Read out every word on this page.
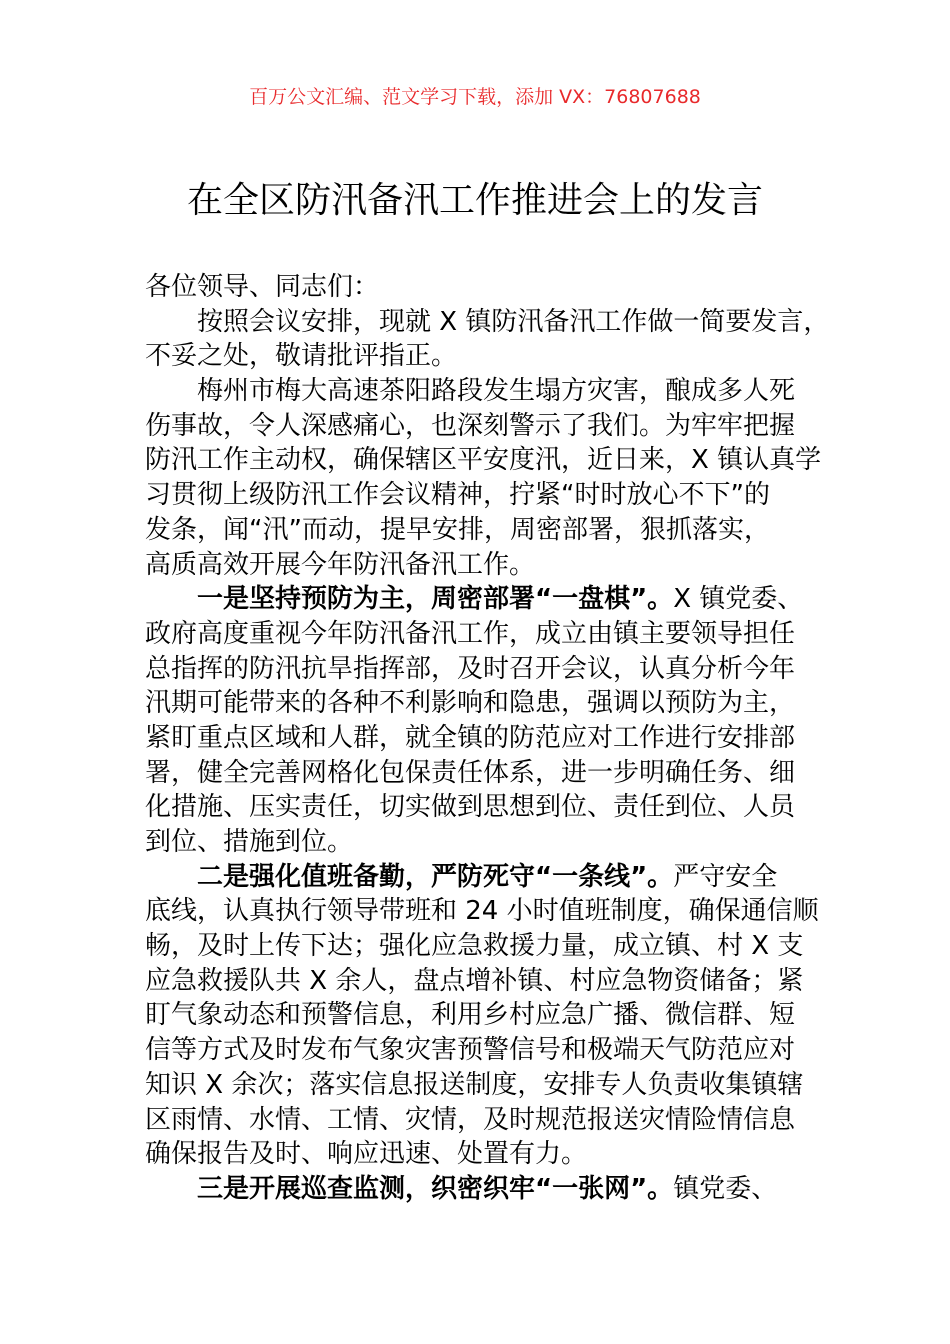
百万公文汇编、范文学习下载，添加 VX：76807688
在全区防汛备汛工作推进会上的发言
各位领导、同志们：
按照会议安排，现就 X 镇防汛备汛工作做一简要发言，
不妥之处，敬请批评指正。
梅州市梅大高速茶阳路段发生塌方灾害，酿成多人死
伤事故，令人深感痛心，也深刻警示了我们。为牢牢把握
防汛工作主动权，确保辖区平安度汛，近日来，X 镇认真学
习贯彻上级防汛工作会议精神，拧紧“时时放心不下”的
发条，闻“汛”而动，提早安排，周密部署，狠抓落实，
高质高效开展今年防汛备汛工作。
一是坚持预防为主，周密部署“一盘棋”。X 镇党委、
政府高度重视今年防汛备汛工作，成立由镇主要领导担任
总指挥的防汛抗旱指挥部，及时召开会议，认真分析今年
汛期可能带来的各种不利影响和隐患，强调以预防为主，
紧盯重点区域和人群，就全镇的防范应对工作进行安排部
署，健全完善网格化包保责任体系，进一步明确任务、细
化措施、压实责任，切实做到思想到位、责任到位、人员
到位、措施到位。
二是强化值班备勤，严防死守“一条线”。严守安全
底线，认真执行领导带班和 24 小时值班制度，确保通信顺
畅，及时上传下达；强化应急救援力量，成立镇、村 X 支
应急救援队共 X 余人，盘点增补镇、村应急物资储备；紧
盯气象动态和预警信息，利用乡村应急广播、微信群、短
信等方式及时发布气象灾害预警信号和极端天气防范应对
知识 X 余次；落实信息报送制度，安排专人负责收集镇辖
区雨情、水情、工情、灾情，及时规范报送灾情险情信息
确保报告及时、响应迅速、处置有力。
三是开展巡查监测，织密织牢“一张网”。镇党委、
